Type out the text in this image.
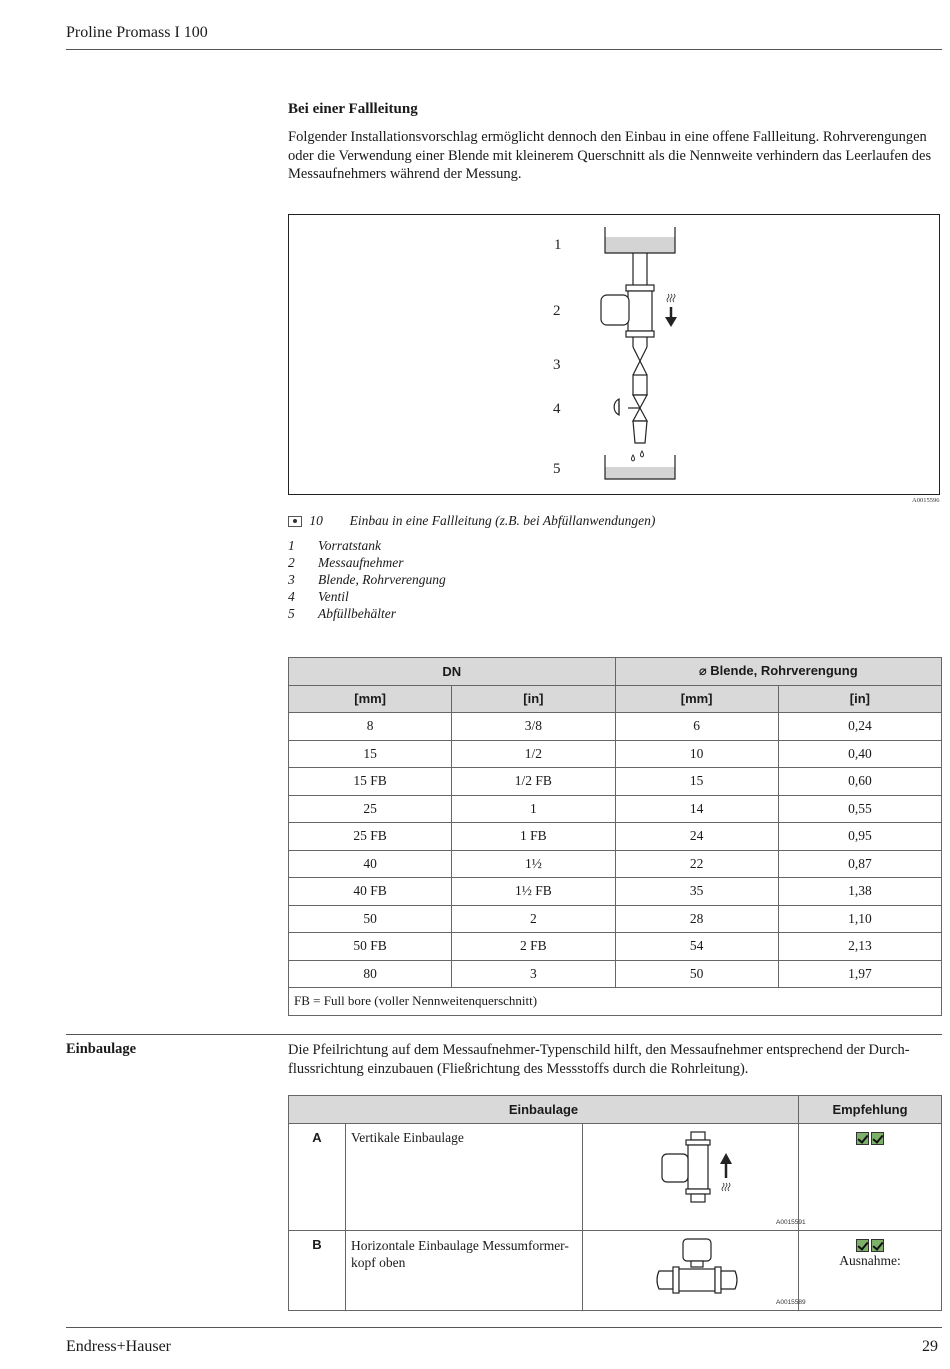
Proline Promass I 100
Bei einer Fallleitung
Folgender Installationsvorschlag ermöglicht dennoch den Einbau in eine offene Fallleitung. Rohrverengungen oder die Verwendung einer Blende mit kleinerem Querschnitt als die Nennweite verhindern das Leerlaufen des Messaufnehmers während der Messung.
1
2
3
4
5
A0015596
10 Einbau in eine Fallleitung (z.B. bei Abfüllanwendungen)
1	Vorratstank
2	Messaufnehmer
3	Blende, Rohrverengung
4	Ventil
5	Abfüllbehälter
DN		⌀ Blende, Rohrverengung	
[mm]	[in]	[mm]	[in]
8	3/8	6	0,24
15	1/2	10	0,40
15 FB	1/2 FB	15	0,60
25	1	14	0,55
25 FB	1 FB	24	0,95
40	1½	22	0,87
40 FB	1½ FB	35	1,38
50	2	28	1,10
50 FB	2 FB	54	2,13
80	3	50	1,97
FB = Full bore (voller Nennweitenquerschnitt)			
Einbaulage	Die Pfeilrichtung auf dem Messaufnehmer-Typenschild hilft, den Messaufnehmer entsprechend der Durch-flussrichtung einzubauen (Fließrichtung des Messstoffs durch die Rohrleitung).
Einbaulage			Empfehlung
A	Vertikale Einbaulage	A0015591	

B	Horizontale Einbaulage Messumformer-kopf oben	A0015589	Ausnahme:
Endress+Hauser	29
